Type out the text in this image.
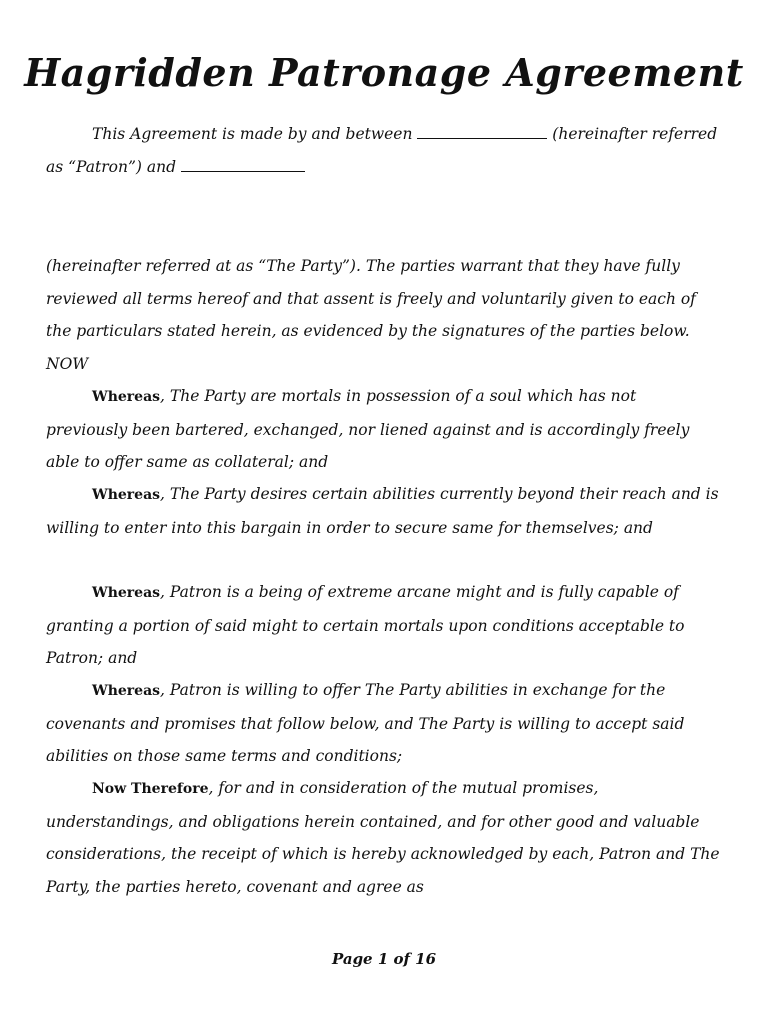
Hagridden Patronage Agreement

This Agreement is made by and between	(hereinafter referred as “Patron”) and

(hereinafter referred at as “The Party”). The parties warrant that they have fully reviewed all terms hereof and that assent is freely and voluntarily given to each of the particulars stated herein, as evidenced by the signatures of the parties below. NOW

Whereas, The Party are mortals in possession of a soul which has not previously been bartered, exchanged, nor liened against and is accordingly freely able to offer same as collateral; and

Whereas, The Party desires certain abilities currently beyond their reach and is willing to enter into this bargain in order to secure same for themselves; and

Whereas, Patron is a being of extreme arcane might and is fully capable of granting a portion of said might to certain mortals upon conditions acceptable to Patron; and

Whereas, Patron is willing to offer The Party abilities in exchange for the covenants and promises that follow below, and The Party is willing to accept said abilities on those same terms and conditions;

Now Therefore, for and in consideration of the mutual promises, understandings, and obligations herein contained, and for other good and valuable considerations, the receipt of which is hereby acknowledged by each, Patron and The Party, the parties hereto, covenant and agree as

Page 1 of 16
